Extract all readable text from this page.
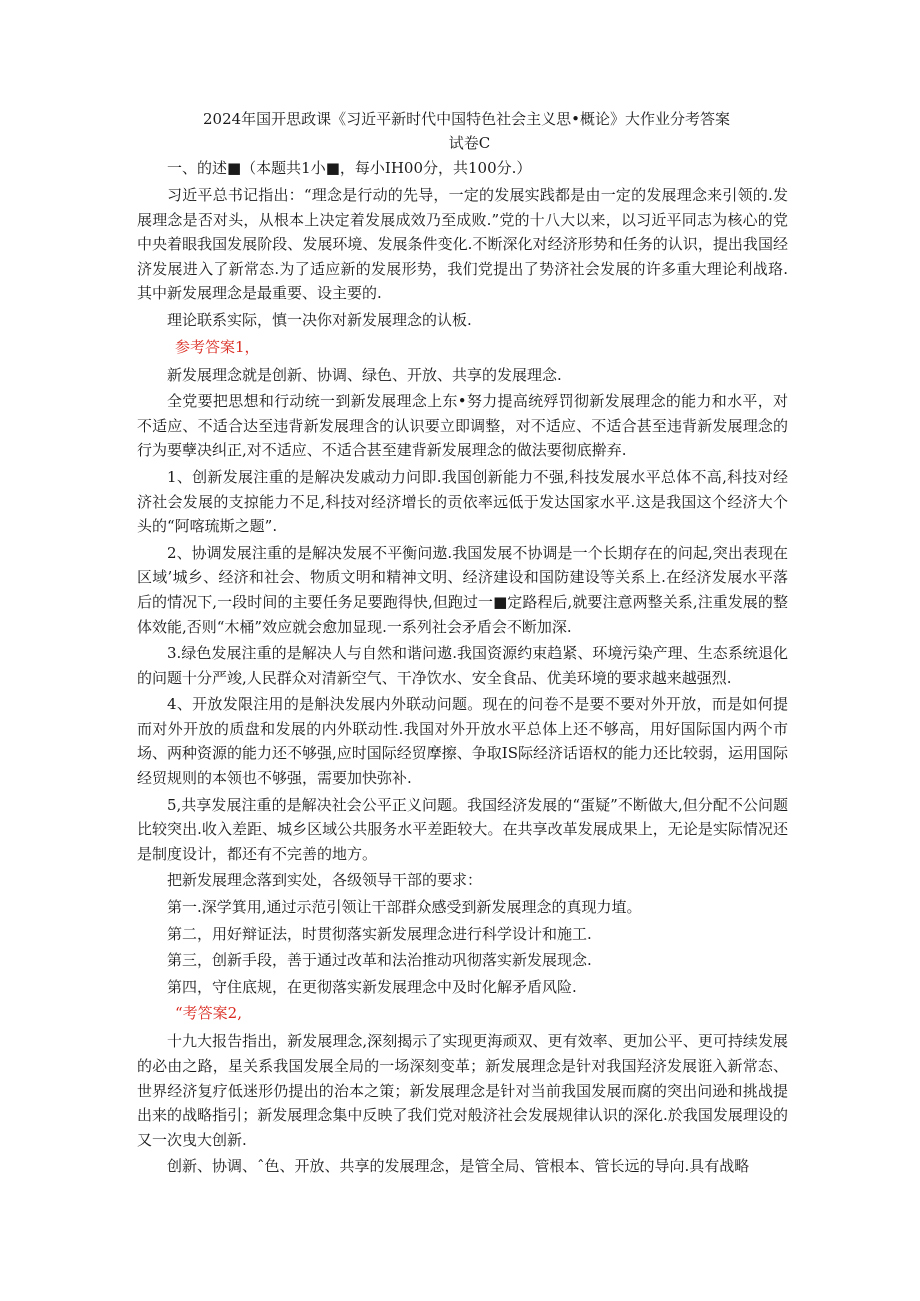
2024年国开思政课《习近平新时代中国特色社会主义思•概论》大作业分考答案

试卷C

一、的述■（本题共1小■，每小IH00分，共100分.）

习近平总书记指出：“理念是行动的先导，一定的发展实践都是由一定的发展理念来引领的.发展理念是否对头，从根本上决定着发展成效乃至成败.”党的十八大以来，以习近平同志为核心的党中央着眼我国发展阶段、发展环境、发展条件变化.不断深化对经济形势和任务的认识，提出我国经济发展进入了新常态.为了适应新的发展形势，我们党提出了势济社会发展的许多重大理论利战珞.其中新发展理念是最重要、设主要的.

理论联系实际，慎一决你对新发展理念的认板.

参考答案1，

新发展理念就是创新、协调、绿色、开放、共享的发展理念.

全党要把思想和行动统一到新发展理念上东•努力提高统殍罚彻新发展理念的能力和水平，对不适应、不适合达至违背新发展理含的认识要立即调整，对不适应、不适合甚至违背新发展理念的行为要孽决纠正,对不适应、不适合甚至建背新发展理念的做法要彻底擀弃.

1、创新发展注重的是解决发戚动力问即.我国创新能力不强,科技发展水平总体不高,科技对经济社会发展的支掠能力不足,科技对经济增长的贡依率远低于发达国家水平.这是我国这个经济大个头的“阿喀琉斯之题”.

2、协调发展注重的是解决发展不平衡问遨.我国发展不协调是一个长期存在的问起,突出表现在区域’城乡、经济和社会、物质文明和精神文明、经济建设和国防建设等关系上.在经济发展水平落后的情况下,一段时间的主要任务足要跑得快,但跑过一■定路程后,就要注意两整关系,注重发展的整体效能,否则“木桶”效应就会愈加显现.一系列社会矛盾会不断加深.

3.绿色发展注重的是解决人与自然和谐问遨.我国资源约束趋紧、环境污染产理、生态系统退化的问题十分严竣,人民群众对清新空气、干净饮水、安全食品、优美环境的要求越来越强烈.

4、开放发限注用的是斛決发展内外联动问题。现在的问卷不是要不要对外开放，而是如何提而对外开放的质盘和发展的内外联动性.我国对外开放水平总体上还不够高，用好国际国内两个市场、两种资源的能力还不够强,应时国际经贸摩擦、争取IS际经济话语权的能力还比较弱，运用国际经贸规则的本领也不够强，需要加快弥补.

5,共享发展注重的是解决社会公平正义问题。我国经济发展的“蛋疑”不断做大,但分配不公问题比较突出.收入差距、城乡区域公共服务水平差距较大。在共享改革发展成果上，无论是实际情况还是制度设计，都还有不完善的地方。

把新发展理念落到实处，各级领导干部的要求：

第一.深学箕用,通过示范引领让干部群众感受到新发展理念的真现力埴。

第二，用好辩证法，时贯彻落实新发展理念进行科学设计和施工.

第三，创新手段，善于通过改革和法治推动巩彻落实新发展现念.

第四，守住底规，在更彻落实新发展理念中及时化解矛盾风险.

“考答案2,

十九大报告指出，新发展理念,深刻揭示了实现更海顽双、更有效率、更加公平、更可持续发展的必由之路，星关系我国发展全局的一场深刻变革；新发展理念是针对我国羟济发展诳入新常态、世界经济复疗低迷形仍提出的治本之策；新发展理念是针对当前我国发展而腐的突出问逊和挑战提出来的战略指引；新发展理念集中反映了我们党对般济社会发展规律认识的深化.於我国发展理设的又一次曳大创新.

创新、协调、ˆ色、开放、共享的发展理念，是管全局、管根本、管长远的导向.具有战略
